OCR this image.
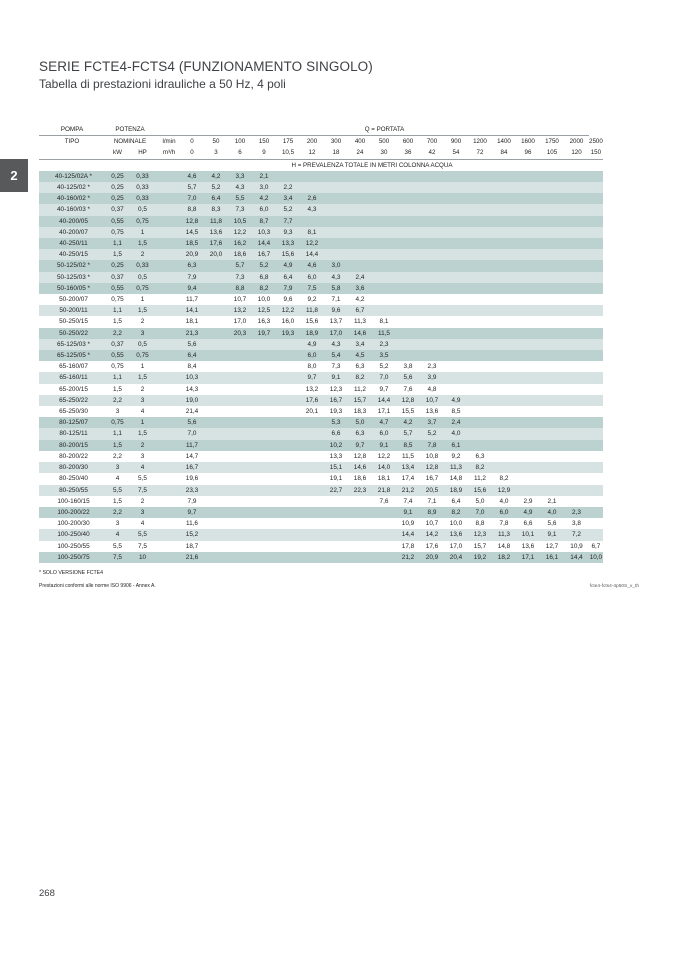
2
SERIE FCTE4-FCTS4 (FUNZIONAMENTO SINGOLO)
Tabella di prestazioni idrauliche a 50 Hz, 4 poli
POMPA	POTENZA			Q = PORTATA																	
TIPO	NOMINALE		l/min	0	50	100	150	175	200	300	400	500	600	700	900	1200	1400	1600	1750	2000	2500
	kW	HP	m³/h	0	3	6	9	10,5	12	18	24	30	36	42	54	72	84	96	105	120	150
			H = PREVALENZA TOTALE IN METRI COLONNA ACQUA																		
40-125/02A *	0,25	0,33		4,6	4,2	3,3	2,1														
40-125/02 *	0,25	0,33		5,7	5,2	4,3	3,0	2,2													
40-160/02 *	0,25	0,33		7,0	6,4	5,5	4,2	3,4	2,6												
40-160/03 *	0,37	0,5		8,8	8,3	7,3	6,0	5,2	4,3												
40-200/05	0,55	0,75		12,8	11,8	10,5	8,7	7,7													
40-200/07	0,75	1		14,5	13,6	12,2	10,3	9,3	8,1												
40-250/11	1,1	1,5		18,5	17,6	16,2	14,4	13,3	12,2												
40-250/15	1,5	2		20,9	20,0	18,6	16,7	15,6	14,4												
50-125/02 *	0,25	0,33		6,3		5,7	5,2	4,9	4,6	3,0											
50-125/03 *	0,37	0,5		7,9		7,3	6,8	6,4	6,0	4,3	2,4										
50-160/05 *	0,55	0,75		9,4		8,8	8,2	7,9	7,5	5,8	3,6										
50-200/07	0,75	1		11,7		10,7	10,0	9,6	9,2	7,1	4,2										
50-200/11	1,1	1,5		14,1		13,2	12,5	12,2	11,8	9,6	6,7										
50-250/15	1,5	2		18,1		17,0	16,3	16,0	15,6	13,7	11,3	8,1									
50-250/22	2,2	3		21,3		20,3	19,7	19,3	18,9	17,0	14,6	11,5									
65-125/03 *	0,37	0,5		5,6					4,9	4,3	3,4	2,3									
65-125/05 *	0,55	0,75		6,4					6,0	5,4	4,5	3,5									
65-160/07	0,75	1		8,4					8,0	7,3	6,3	5,2	3,8	2,3							
65-160/11	1,1	1,5		10,3					9,7	9,1	8,2	7,0	5,6	3,9							
65-200/15	1,5	2		14,3					13,2	12,3	11,2	9,7	7,6	4,8							
65-250/22	2,2	3		19,0					17,6	16,7	15,7	14,4	12,8	10,7	4,9						
65-250/30	3	4		21,4					20,1	19,3	18,3	17,1	15,5	13,6	8,5						
80-125/07	0,75	1		5,6						5,3	5,0	4,7	4,2	3,7	2,4						
80-125/11	1,1	1,5		7,0						6,6	6,3	6,0	5,7	5,2	4,0						
80-200/15	1,5	2		11,7						10,2	9,7	9,1	8,5	7,8	6,1						
80-200/22	2,2	3		14,7						13,3	12,8	12,2	11,5	10,8	9,2	6,3					
80-200/30	3	4		16,7						15,1	14,6	14,0	13,4	12,8	11,3	8,2					
80-250/40	4	5,5		19,6						19,1	18,6	18,1	17,4	16,7	14,8	11,2	8,2				
80-250/55	5,5	7,5		23,3						22,7	22,3	21,8	21,2	20,5	18,9	15,6	12,9				
100-160/15	1,5	2		7,9								7,6	7,4	7,1	6,4	5,0	4,0	2,9	2,1		
100-200/22	2,2	3		9,7									9,1	8,9	8,2	7,0	6,0	4,9	4,0	2,3	
100-200/30	3	4		11,6									10,9	10,7	10,0	8,8	7,8	6,6	5,6	3,8	
100-250/40	4	5,5		15,2									14,4	14,2	13,6	12,3	11,3	10,1	9,1	7,2	
100-250/55	5,5	7,5		18,7									17,8	17,6	17,0	15,7	14,8	13,6	12,7	10,9	6,7
100-250/75	7,5	10		21,6									21,2	20,9	20,4	19,2	18,2	17,1	16,1	14,4	10,0
* SOLO VERSIONE FCTE4
Prestazioni conformi alle norme ISO 9906 - Annex A.	fcte4-fcts4-4p50S_v_th
268
